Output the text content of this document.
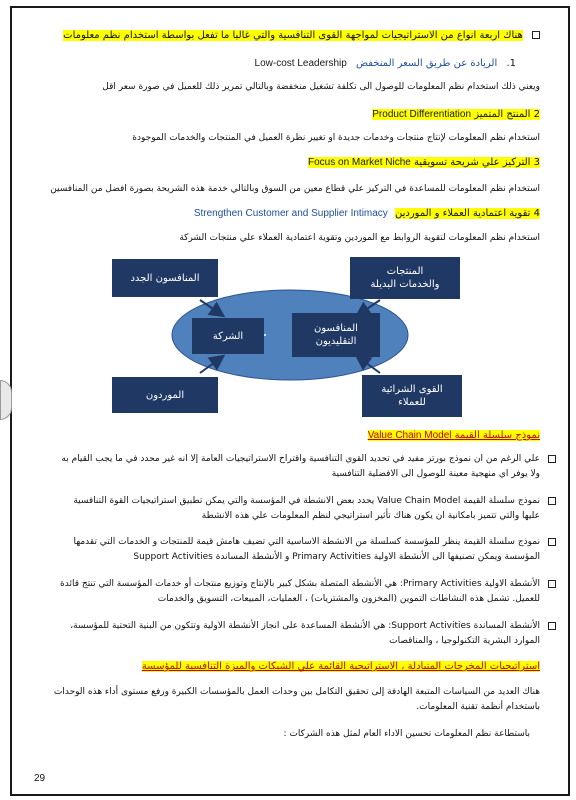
هناك اربعة انواع من الاستراتيجيات لمواجهة القوى التنافسية والتي غالبا ما تفعل بواسطة استخدام نظم معلومات
1. الريادة عن طريق السعر المنخفض Low-cost Leadership
ويعني ذلك استخدام نظم المعلومات للوصول الى تكلفة تشغيل منخفضة وبالتالي تمرير ذلك للعميل في صورة سعر اقل
2 المنتج المتميز Product Differentiation
استخدام نظم المعلومات لإنتاج منتجات وخدمات جديدة او تغيير نظرة العميل في المنتجات والخدمات الموجودة
3 التركيز علي شريحة تسويقية Focus on Market Niche
استخدام نظم المعلومات للمساعدة في التركيز علي قطاع معين من السوق وبالتالي خدمة هذه الشريحة بصورة افضل من المنافسين
4 تقوية اعتمادية العملاء و الموردين Strengthen Customer and Supplier Intimacy
استخدام نظم المعلومات لتقوية الروابط مع الموردين وتقوية اعتمادية العملاء علي منتجات الشركة
المنافسون الجدد
المنتجات
والخدمات البديلة
الشركة
المنافسون
التقليديون
الموردون	القوى الشرائية
للعملاء
نموذج سلسلة القيمة Value Chain Model
علي الرغم من ان نموذج بورتر مفيد في تحديد القوي التنافسية واقتراح الاستراتيجيات العامة إلا انه غير محدد في ما يجب القيام به ولا يوفر اي منهجية معينة للوصول الى الافضلية التنافسية
نموذج سلسلة القيمة Value Chain Model يحدد بعض الانشطة في المؤسسة والتي يمكن تطبيق استراتيجيات القوة التنافسية عليها والتي تتميز بامكانية ان يكون هناك تأثير استراتيجي لنظم المعلومات علي هذه الانشطة
نموذج سلسلة القيمة ينظر للمؤسسة كسلسلة من الانشطة الاساسية التي تضيف هامش قيمة للمنتجات و الخدمات التي تقدمها المؤسسة ويمكن تصنيفها الى الأنشطة الاولية Primary Activities و الأنشطة المساندة Support Activities
الأنشطة الاولية Primary Activities: هي الأنشطة المتصلة بشكل كبير بالإنتاج وتوزيع منتجات أو خدمات المؤسسة التي تنتج قائدة للعميل. تشمل هذه النشاطات التموين (المخزون والمشتريات) ، العمليات، المبيعات، التسويق والخدمات
الأنشطة المساندة Support Activities: هي الأنشطة المساعدة على انجاز الأنشطة الاولية وتتكون من البنية التحتية للمؤسسة، الموارد البشرية التكنولوجيا ، والمناقصات
استراتيجيات المخرجات المتبادلة ، الاستراتيجية القائمة علي الشبكات والميزة التنافسية للمؤسسة
هناك العديد من السياسات المتبعة الهادفة إلى تحقيق التكامل بين وحدات العمل بالمؤسسات الكبيرة ورفع مستوى أداء هذه الوحدات باستخدام أنظمة تقنية المعلومات.
باستطاعة نظم المعلومات تحسين الاداء العام لمثل هذه الشركات :
29
